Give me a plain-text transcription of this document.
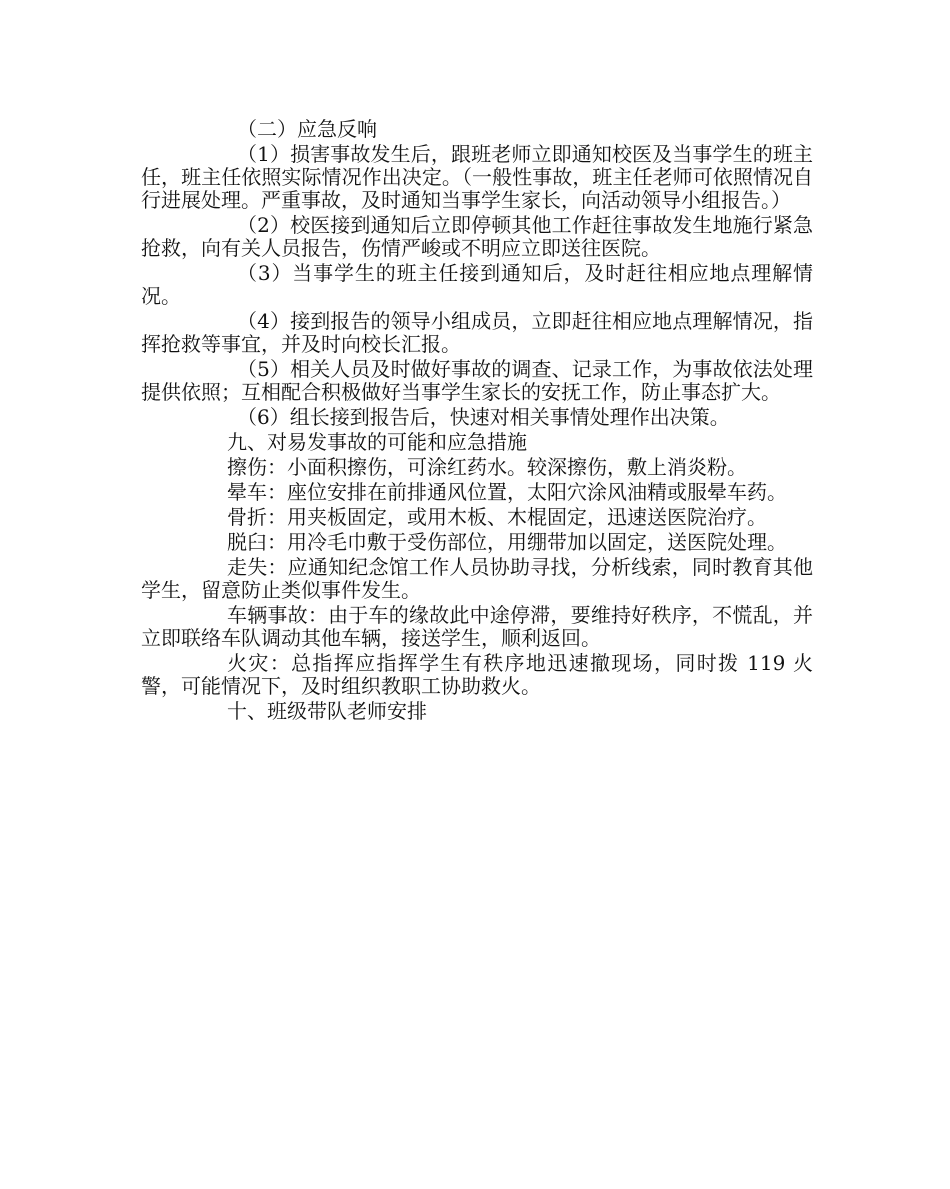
（二）应急反响

（1）损害事故发生后，跟班老师立即通知校医及当事学生的班主任，班主任依照实际情况作出决定。（一般性事故，班主任老师可依照情况自行进展处理。严重事故，及时通知当事学生家长，向活动领导小组报告。）

（2）校医接到通知后立即停顿其他工作赶往事故发生地施行紧急抢救，向有关人员报告，伤情严峻或不明应立即送往医院。

（3）当事学生的班主任接到通知后，及时赶往相应地点理解情况。

（4）接到报告的领导小组成员，立即赶往相应地点理解情况，指挥抢救等事宜，并及时向校长汇报。

（5）相关人员及时做好事故的调查、记录工作，为事故依法处理提供依照；互相配合积极做好当事学生家长的安抚工作，防止事态扩大。

（6）组长接到报告后，快速对相关事情处理作出决策。

九、对易发事故的可能和应急措施

擦伤：小面积擦伤，可涂红药水。较深擦伤，敷上消炎粉。

晕车：座位安排在前排通风位置，太阳穴涂风油精或服晕车药。

骨折：用夹板固定，或用木板、木棍固定，迅速送医院治疗。

脱臼：用冷毛巾敷于受伤部位，用绷带加以固定，送医院处理。

走失：应通知纪念馆工作人员协助寻找，分析线索，同时教育其他学生，留意防止类似事件发生。

车辆事故：由于车的缘故此中途停滞，要维持好秩序，不慌乱，并立即联络车队调动其他车辆，接送学生，顺利返回。

火灾：总指挥应指挥学生有秩序地迅速撤现场，同时拨 119 火警，可能情况下，及时组织教职工协助救火。

十、班级带队老师安排
